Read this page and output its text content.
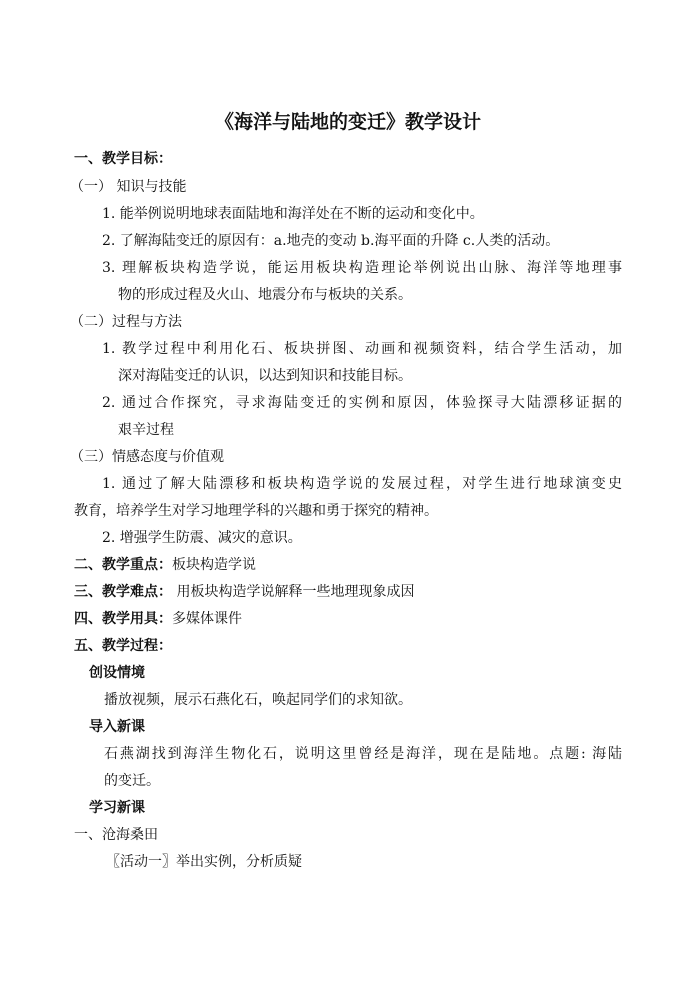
《海洋与陆地的变迁》教学设计
一、教学目标：
（一） 知识与技能
1. 能举例说明地球表面陆地和海洋处在不断的运动和变化中。
2. 了解海陆变迁的原因有：a.地壳的变动 b.海平面的升降 c.人类的活动。
3. 理解板块构造学说，能运用板块构造理论举例说出山脉、海洋等地理事
物的形成过程及火山、地震分布与板块的关系。
（二）过程与方法
1. 教学过程中利用化石、板块拼图、动画和视频资料，结合学生活动，加
深对海陆变迁的认识，以达到知识和技能目标。
2. 通过合作探究，寻求海陆变迁的实例和原因，体验探寻大陆漂移证据的
艰辛过程
（三）情感态度与价值观
1. 通过了解大陆漂移和板块构造学说的发展过程，对学生进行地球演变史
教育，培养学生对学习地理学科的兴趣和勇于探究的精神。
2. 增强学生防震、减灾的意识。
二、教学重点：板块构造学说
三、教学难点： 用板块构造学说解释一些地理现象成因
四、教学用具：多媒体课件
五、教学过程：
创设情境
播放视频，展示石燕化石，唤起同学们的求知欲。
导入新课
石燕湖找到海洋生物化石，说明这里曾经是海洋，现在是陆地。点题: 海陆
的变迁。
学习新课
一、沧海桑田
〖活动一〗举出实例，分析质疑
